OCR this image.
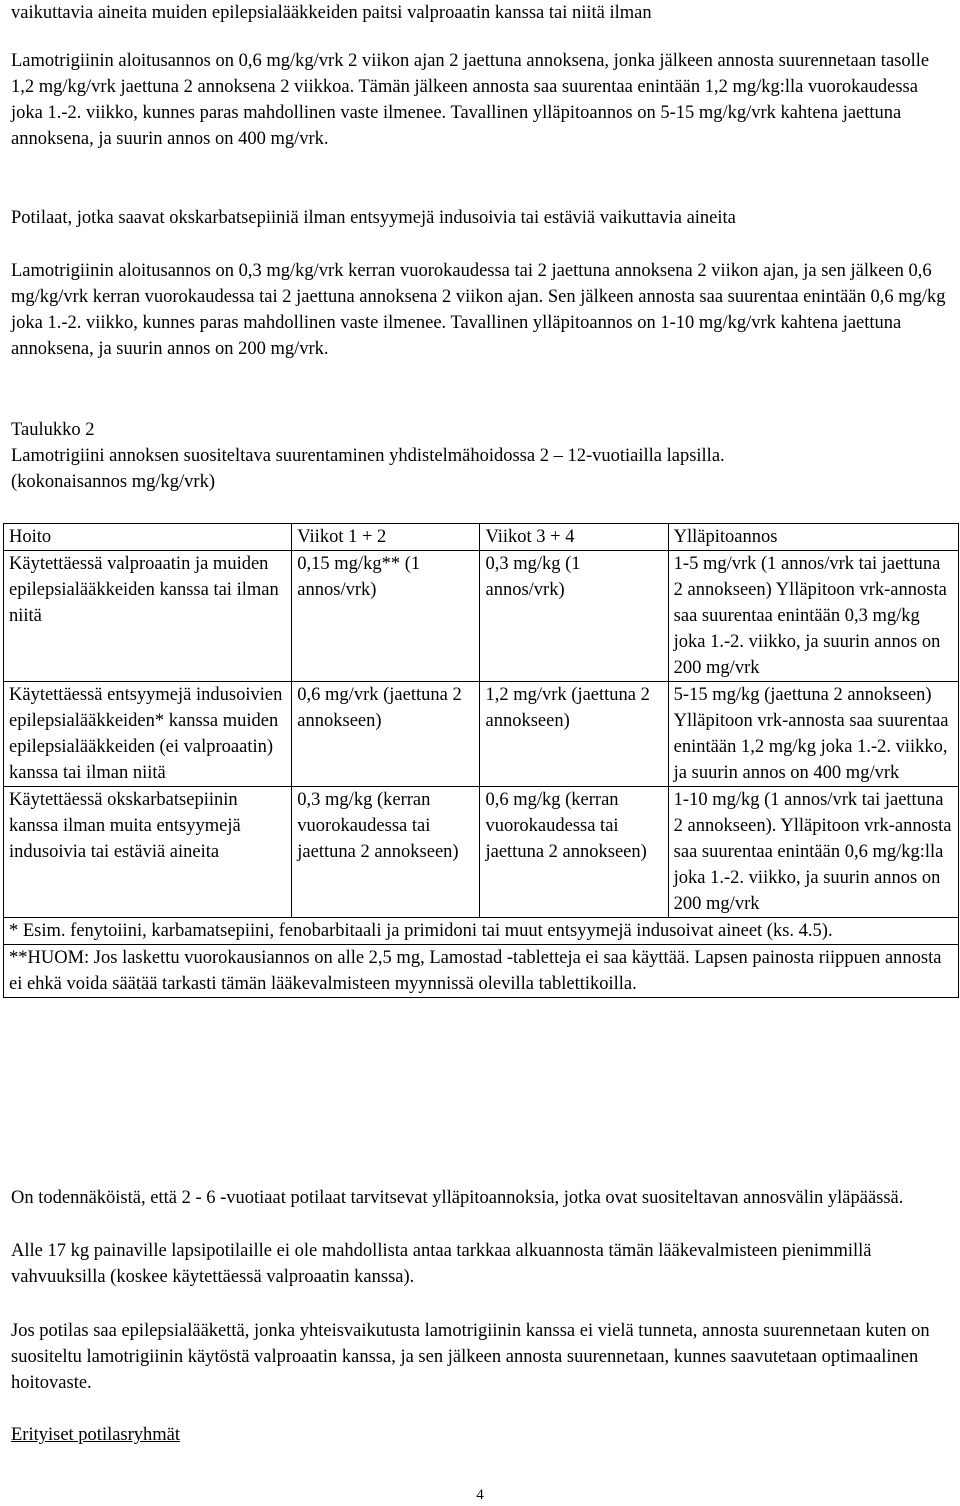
vaikuttavia aineita muiden epilepsialääkkeiden paitsi valproaatin kanssa tai niitä ilman

Lamotrigiinin aloitusannos on 0,6 mg/kg/vrk 2 viikon ajan 2 jaettuna annoksena, jonka jälkeen annosta suurennetaan tasolle 1,2 mg/kg/vrk jaettuna 2 annoksena 2 viikkoa. Tämän jälkeen annosta saa suurentaa enintään 1,2 mg/kg:lla vuorokaudessa joka 1.-2. viikko, kunnes paras mahdollinen vaste ilmenee. Tavallinen ylläpitoannos on 5-15 mg/kg/vrk kahtena jaettuna annoksena, ja suurin annos on 400 mg/vrk.

Potilaat, jotka saavat okskarbatsepiiniä ilman entsyymejä indusoivia tai estäviä vaikuttavia aineita

Lamotrigiinin aloitusannos on 0,3 mg/kg/vrk kerran vuorokaudessa tai 2 jaettuna annoksena 2 viikon ajan, ja sen jälkeen 0,6 mg/kg/vrk kerran vuorokaudessa tai 2 jaettuna annoksena 2 viikon ajan. Sen jälkeen annosta saa suurentaa enintään 0,6 mg/kg joka 1.-2. viikko, kunnes paras mahdollinen vaste ilmenee. Tavallinen ylläpitoannos on 1-10 mg/kg/vrk kahtena jaettuna annoksena, ja suurin annos on 200 mg/vrk.

Taulukko 2

Lamotrigiini annoksen suositeltava suurentaminen yhdistelmähoidossa 2 – 12-vuotiailla lapsilla.

(kokonaisannos mg/kg/vrk)

Hoito	Viikot 1 + 2	Viikot 3 + 4	Ylläpitoannos
Käytettäessä valproaatin ja muiden epilepsialääkkeiden kanssa tai ilman niitä	0,15 mg/kg** (1 annos/vrk)	0,3 mg/kg (1 annos/vrk)	1-5 mg/vrk (1 annos/vrk tai jaettuna 2 annokseen) Ylläpitoon vrk-annosta saa suurentaa enintään 0,3 mg/kg joka 1.-2. viikko, ja suurin annos on 200 mg/vrk
Käytettäessä entsyymejä indusoivien epilepsialääkkeiden* kanssa muiden epilepsialääkkeiden (ei valproaatin) kanssa tai ilman niitä	0,6 mg/vrk (jaettuna 2 annokseen)	1,2 mg/vrk (jaettuna 2 annokseen)	5-15 mg/kg (jaettuna 2 annokseen) Ylläpitoon vrk-annosta saa suurentaa enintään 1,2 mg/kg joka 1.-2. viikko, ja suurin annos on 400 mg/vrk
Käytettäessä okskarbatsepiinin kanssa ilman muita entsyymejä indusoivia tai estäviä aineita	0,3 mg/kg (kerran vuorokaudessa tai jaettuna 2 annokseen)	0,6 mg/kg (kerran vuorokaudessa tai jaettuna 2 annokseen)	1-10 mg/kg (1 annos/vrk tai jaettuna 2 annokseen). Ylläpitoon vrk-annosta saa suurentaa enintään 0,6 mg/kg:lla joka 1.-2. viikko, ja suurin annos on 200 mg/vrk
* Esim. fenytoiini, karbamatsepiini, fenobarbitaali ja primidoni tai muut entsyymejä indusoivat aineet (ks. 4.5).			
**HUOM: Jos laskettu vuorokausiannos on alle 2,5 mg, Lamostad -tabletteja ei saa käyttää. Lapsen painosta riippuen annosta ei ehkä voida säätää tarkasti tämän lääkevalmisteen myynnissä olevilla tablettikoilla.			

On todennäköistä, että 2 - 6 -vuotiaat potilaat tarvitsevat ylläpitoannoksia, jotka ovat suositeltavan annosvälin yläpäässä.

Alle 17 kg painaville lapsipotilaille ei ole mahdollista antaa tarkkaa alkuannosta tämän lääkevalmisteen pienimmillä vahvuuksilla (koskee käytettäessä valproaatin kanssa).

Jos potilas saa epilepsialääkettä, jonka yhteisvaikutusta lamotrigiinin kanssa ei vielä tunneta, annosta suurennetaan kuten on suositeltu lamotrigiinin käytöstä valproaatin kanssa, ja sen jälkeen annosta suurennetaan, kunnes saavutetaan optimaalinen hoitovaste.

Erityiset potilasryhmät

4
